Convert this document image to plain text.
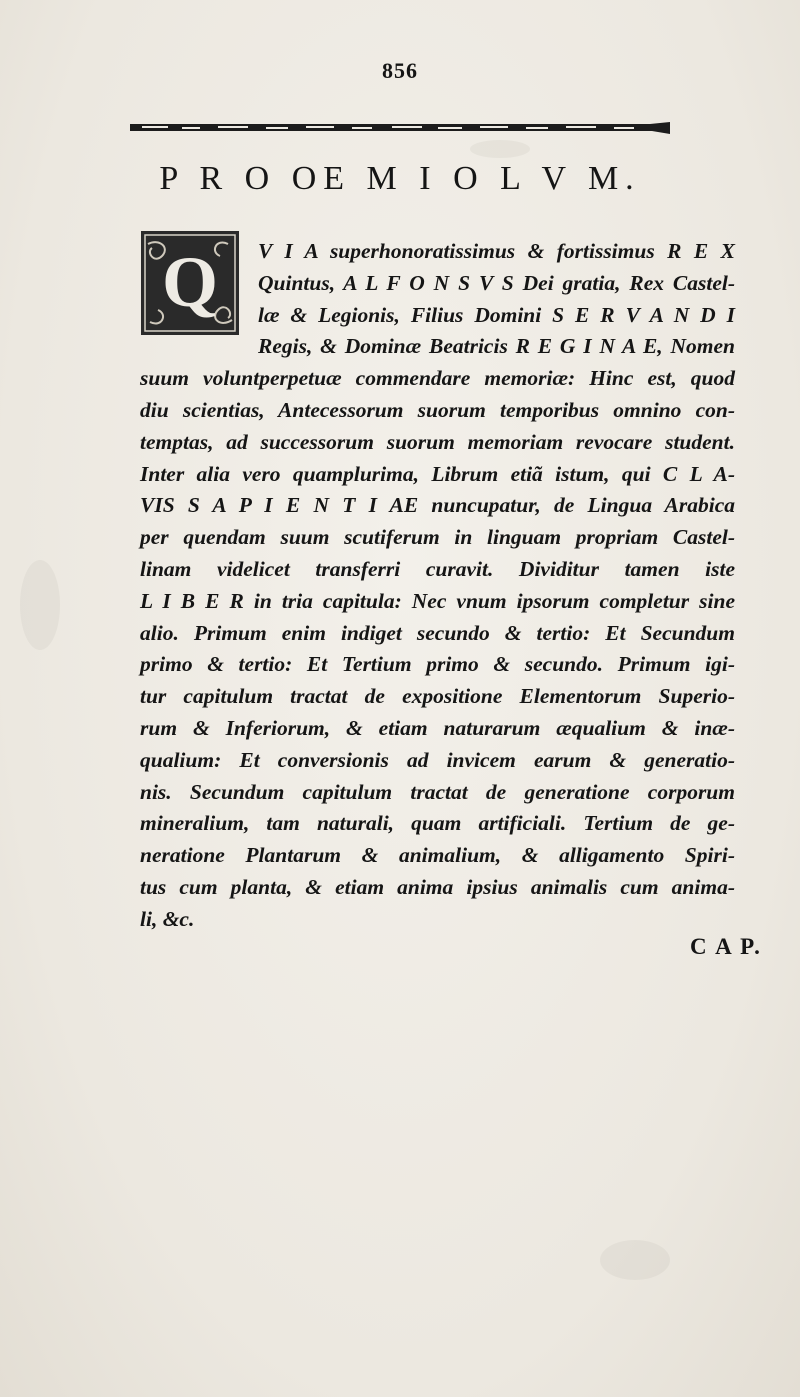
856
P R O OE M I O L V M.
Q	V I A superhonoratissimus & fortissimus R E X
Quintus, A L F O N S V S Dei gratia, Rex Castel-
læ & Legionis, Filius Domini S E R V A N D I
Regis, & Dominæ Beatricis R E G I N A E, Nomen
suum voluntperpetuæ commendare memoriæ: Hinc est, quod
diu scientias, Antecessorum suorum temporibus omnino con-
temptas, ad successorum suorum memoriam revocare student.
Inter alia vero quamplurima, Librum etiã istum, qui C L A-
VIS S A P I E N T I AE nuncupatur, de Lingua Arabica
per quendam suum scutiferum in linguam propriam Castel-
linam videlicet transferri curavit. Dividitur tamen iste
L I B E R in tria capitula: Nec vnum ipsorum completur sine
alio. Primum enim indiget secundo & tertio: Et Secundum
primo & tertio: Et Tertium primo & secundo. Primum igi-
tur capitulum tractat de expositione Elementorum Superio-
rum & Inferiorum, & etiam naturarum æqualium & inæ-
qualium: Et conversionis ad invicem earum & generatio-
nis. Secundum capitulum tractat de generatione corporum
mineralium, tam naturali, quam artificiali. Tertium de ge-
neratione Plantarum & animalium, & alligamento Spiri-
tus cum planta, & etiam anima ipsius animalis cum anima-
li, &c.
C A P.
